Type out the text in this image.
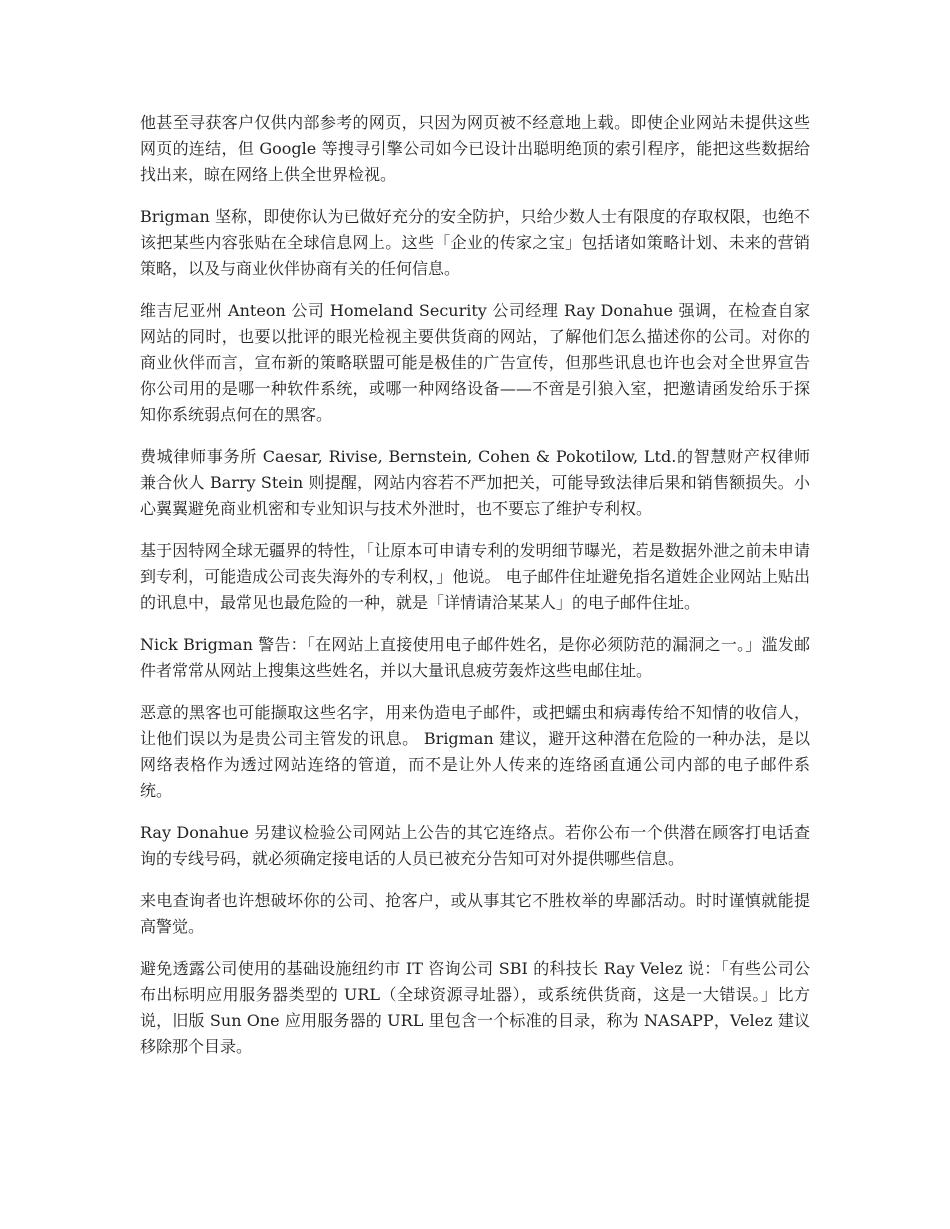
他甚至寻获客户仅供内部参考的网页，只因为网页被不经意地上载。即使企业网站未提供这些网页的连结，但 Google 等搜寻引擎公司如今已设计出聪明绝顶的索引程序，能把这些数据给找出来，晾在网络上供全世界检视。

Brigman 坚称，即使你认为已做好充分的安全防护，只给少数人士有限度的存取权限，也绝不该把某些内容张贴在全球信息网上。这些「企业的传家之宝」包括诸如策略计划、未来的营销策略，以及与商业伙伴协商有关的任何信息。

维吉尼亚州 Anteon 公司 Homeland Security 公司经理 Ray Donahue 强调，在检查自家网站的同时，也要以批评的眼光检视主要供货商的网站，了解他们怎么描述你的公司。对你的商业伙伴而言，宣布新的策略联盟可能是极佳的广告宣传，但那些讯息也许也会对全世界宣告你公司用的是哪一种软件系统，或哪一种网络设备——不啻是引狼入室，把邀请函发给乐于探知你系统弱点何在的黑客。

费城律师事务所 Caesar, Rivise, Bernstein, Cohen & Pokotilow, Ltd.的智慧财产权律师兼合伙人 Barry Stein 则提醒，网站内容若不严加把关，可能导致法律后果和销售额损失。小心翼翼避免商业机密和专业知识与技术外泄时，也不要忘了维护专利权。

基于因特网全球无疆界的特性，「让原本可申请专利的发明细节曝光，若是数据外泄之前未申请到专利，可能造成公司丧失海外的专利权，」他说。 电子邮件住址避免指名道姓企业网站上贴出的讯息中，最常见也最危险的一种，就是「详情请洽某某人」的电子邮件住址。

Nick Brigman 警告：「在网站上直接使用电子邮件姓名，是你必须防范的漏洞之一。」滥发邮件者常常从网站上搜集这些姓名，并以大量讯息疲劳轰炸这些电邮住址。

恶意的黑客也可能撷取这些名字，用来伪造电子邮件，或把蠕虫和病毒传给不知情的收信人，让他们误以为是贵公司主管发的讯息。 Brigman 建议，避开这种潜在危险的一种办法，是以网络表格作为透过网站连络的管道，而不是让外人传来的连络函直通公司内部的电子邮件系统。

Ray Donahue 另建议检验公司网站上公告的其它连络点。若你公布一个供潜在顾客打电话查询的专线号码，就必须确定接电话的人员已被充分告知可对外提供哪些信息。

来电查询者也许想破坏你的公司、抢客户，或从事其它不胜枚举的卑鄙活动。时时谨慎就能提高警觉。

避免透露公司使用的基础设施纽约市 IT 咨询公司 SBI 的科技长 Ray Velez 说：「有些公司公布出标明应用服务器类型的 URL（全球资源寻址器），或系统供货商，这是一大错误。」比方说，旧版 Sun One 应用服务器的 URL 里包含一个标准的目录，称为 NASAPP，Velez 建议移除那个目录。
